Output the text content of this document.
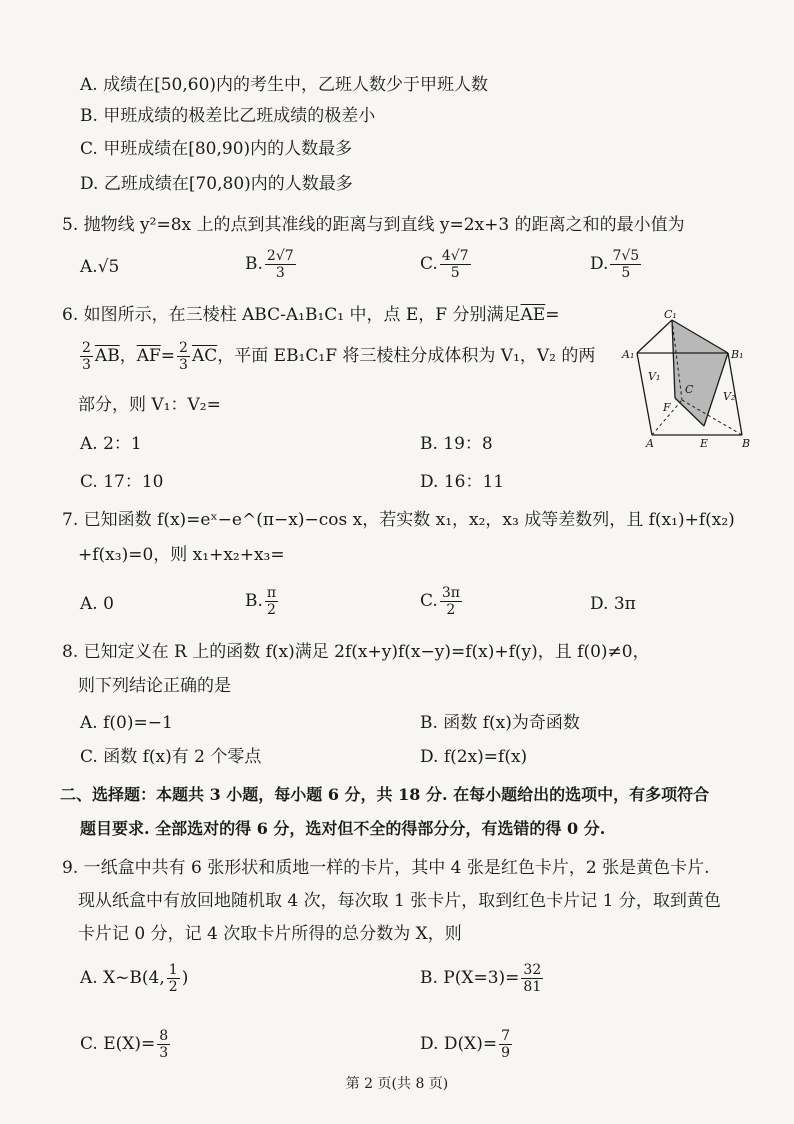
A. 成绩在[50,60)内的考生中，乙班人数少于甲班人数
B. 甲班成绩的极差比乙班成绩的极差小
C. 甲班成绩在[80,90)内的人数最多
D. 乙班成绩在[70,80)内的人数最多
5. 抛物线 y²=8x 上的点到其准线的距离与到直线 y=2x+3 的距离之和的最小值为
A.√5	B. $\frac{2√7}{3}$	C. $\frac{4√7}{5}$	D. $\frac{7√5}{5}$
6. 如图所示，在三棱柱 ABC-A₁B₁C₁ 中，点 E，F 分别满足$\overline{AE}=$
$\frac{2}{3} \overline{AB}$，$\overline{AF}= \frac{2}{3} \overline{AC}$，平面 EB₁C₁F 将三棱柱分成体积为 V₁，V₂ 的两
部分，则 V₁：V₂=
A. 2：1	B. 19：8
C. 17：10	D. 16：11
C₁
A₁	B₁
V₁
V₂
C
F
A	E	B
7. 已知函数 f(x)=eˣ−e^(π−x)−cos x，若实数 x₁，x₂，x₃ 成等差数列，且 f(x₁)+f(x₂)
+f(x₃)=0，则 x₁+x₂+x₃=
A. 0	B. $\frac{\pi}{2}$	C. $\frac{3\pi}{2}$	D. 3π
8. 已知定义在 R 上的函数 f(x)满足 2f(x+y)f(x−y)=f(x)+f(y)，且 f(0)≠0，
则下列结论正确的是
A. f(0)=−1	B. 函数 f(x)为奇函数
C. 函数 f(x)有 2 个零点	D. f(2x)=f(x)
二、选择题：本题共 3 小题，每小题 6 分，共 18 分. 在每小题给出的选项中，有多项符合
题目要求. 全部选对的得 6 分，选对但不全的得部分分，有选错的得 0 分.
9. 一纸盒中共有 6 张形状和质地一样的卡片，其中 4 张是红色卡片，2 张是黄色卡片.
现从纸盒中有放回地随机取 4 次，每次取 1 张卡片，取到红色卡片记 1 分，取到黄色
卡片记 0 分，记 4 次取卡片所得的总分数为 X，则
A. X~B(4, $\frac{1}{2}$ )	B. $P(X=3)= \frac{32}{81}$
C. $E(X)= \frac{8}{3}$	D. $D(X)= \frac{7}{9}$
第 2 页(共 8 页)
